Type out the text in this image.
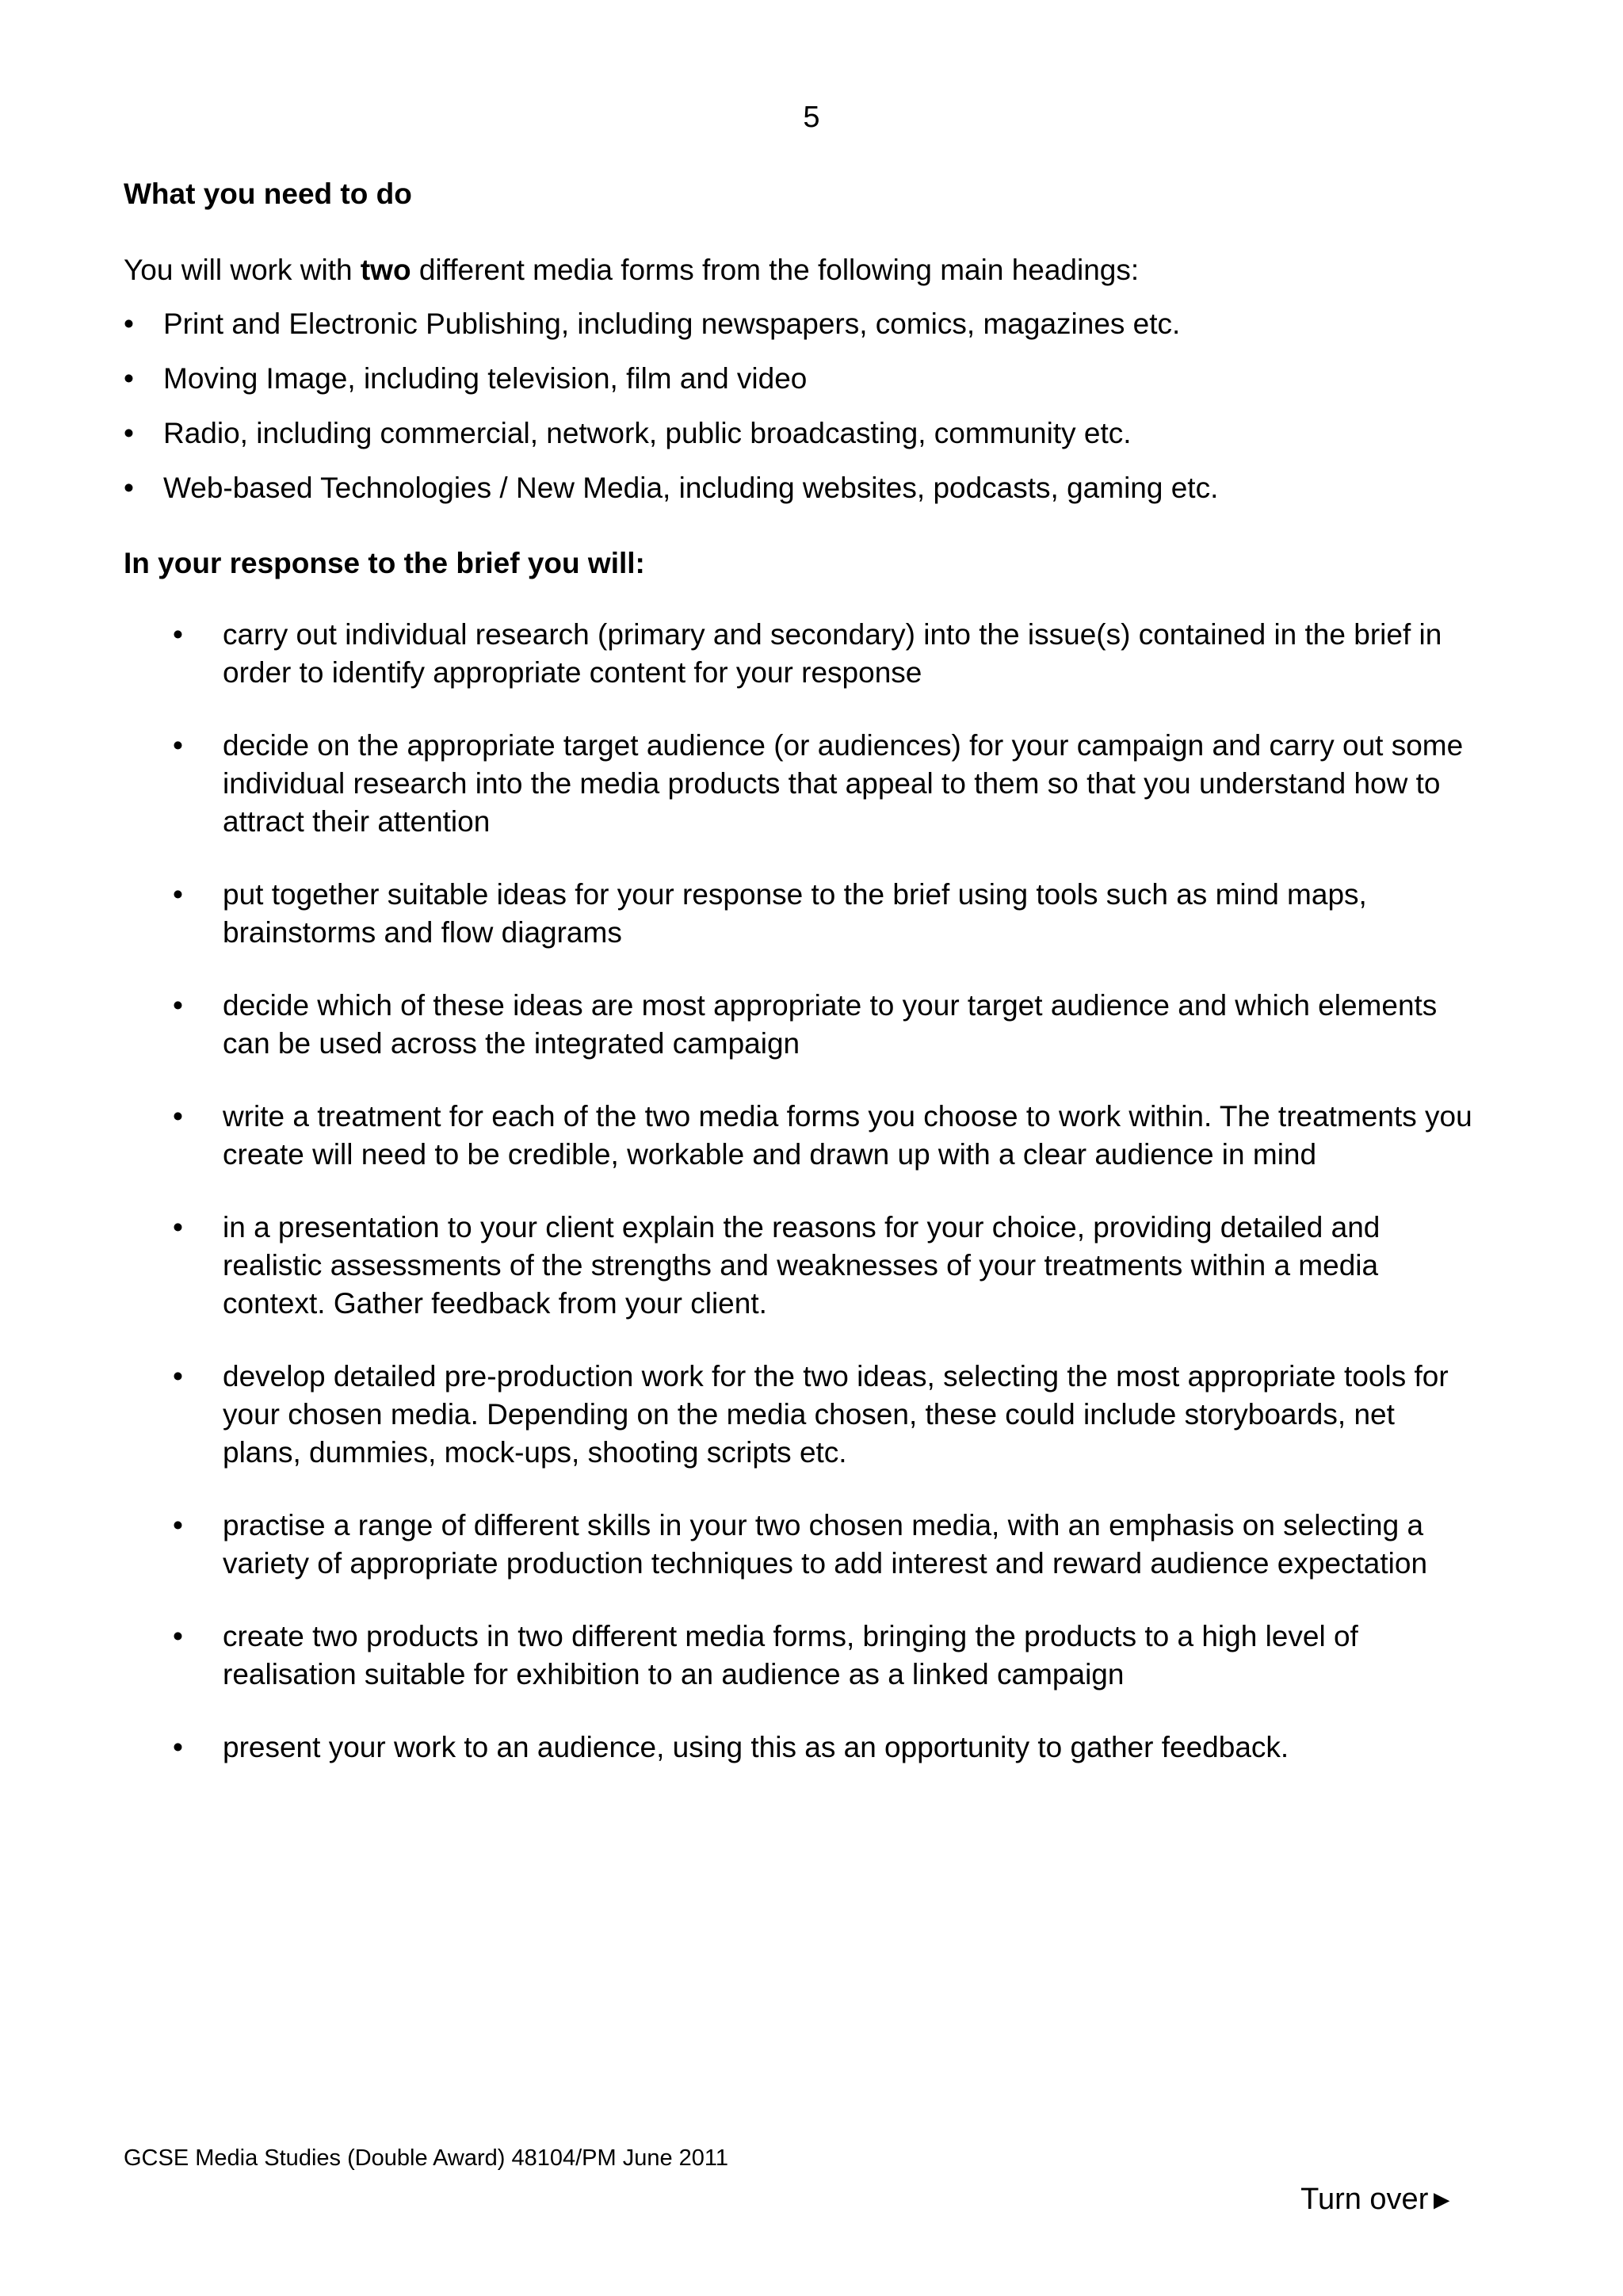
5
What you need to do
You will work with two different media forms from the following main headings:
•	Print and Electronic Publishing, including newspapers, comics, magazines etc.
•	Moving Image, including television, film and video
•	Radio, including commercial, network, public broadcasting, community etc.
•	Web-based Technologies / New Media, including websites, podcasts, gaming etc.
In your response to the brief you will:
•	carry out individual research (primary and secondary) into the issue(s) contained in the brief in order to identify appropriate content for your response
•	decide on the appropriate target audience (or audiences) for your campaign and carry out some individual research into the media products that appeal to them so that you understand how to attract their attention
•	put together suitable ideas for your response to the brief using tools such as mind maps, brainstorms and flow diagrams
•	decide which of these ideas are most appropriate to your target audience and which elements can be used across the integrated campaign
•	write a treatment for each of the two media forms you choose to work within. The treatments you create will need to be credible, workable and drawn up with a clear audience in mind
•	in a presentation to your client explain the reasons for your choice, providing detailed and realistic assessments of the strengths and weaknesses of your treatments within a media context. Gather feedback from your client.
•	develop detailed pre-production work for the two ideas, selecting the most appropriate tools for your chosen media. Depending on the media chosen, these could include storyboards, net plans, dummies, mock-ups, shooting scripts etc.
•	practise a range of different skills in your two chosen media, with an emphasis on selecting a variety of appropriate production techniques to add interest and reward audience expectation
•	create two products in two different media forms, bringing the products to a high level of realisation suitable for exhibition to an audience as a linked campaign
•	present your work to an audience, using this as an opportunity to gather feedback.
GCSE Media Studies (Double Award) 48104/PM June 2011
Turn over►
